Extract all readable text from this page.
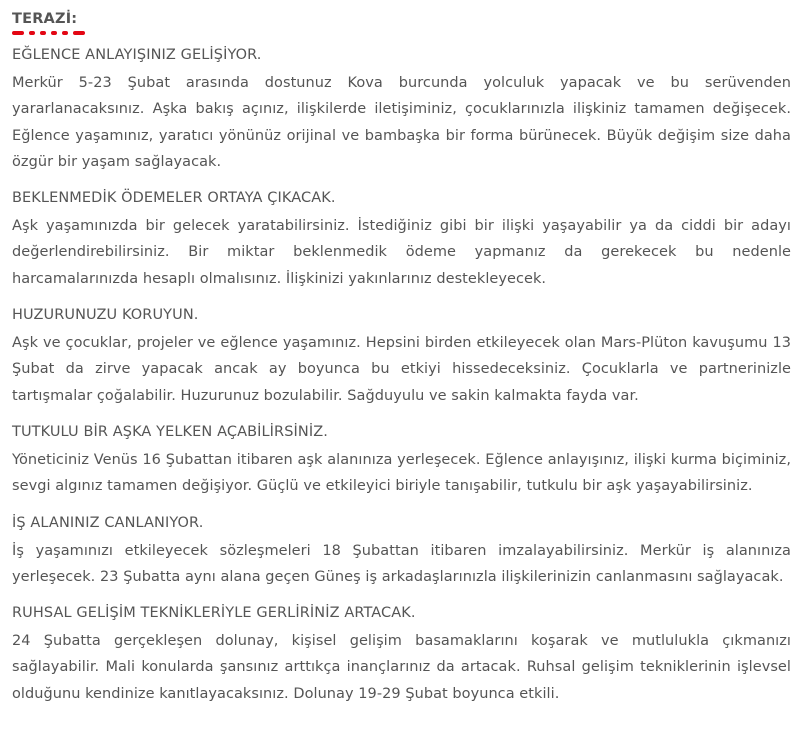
TERAZİ:

EĞLENCE ANLAYIŞINIZ GELİŞİYOR.

Merkür 5-23 Şubat arasında dostunuz Kova burcunda yolculuk yapacak ve bu serüvenden yararlanacaksınız. Aşka bakış açınız, ilişkilerde iletişiminiz, çocuklarınızla ilişkiniz tamamen değişecek. Eğlence yaşamınız, yaratıcı yönünüz orijinal ve bambaşka bir forma bürünecek. Büyük değişim size daha özgür bir yaşam sağlayacak.

BEKLENMEDİK ÖDEMELER ORTAYA ÇIKACAK.

Aşk yaşamınızda bir gelecek yaratabilirsiniz. İstediğiniz gibi bir ilişki yaşayabilir ya da ciddi bir adayı değerlendirebilirsiniz. Bir miktar beklenmedik ödeme yapmanız da gerekecek bu nedenle harcamalarınızda hesaplı olmalısınız. İlişkinizi yakınlarınız destekleyecek.

HUZURUNUZU KORUYUN.

Aşk ve çocuklar, projeler ve eğlence yaşamınız. Hepsini birden etkileyecek olan Mars-Plüton kavuşumu 13 Şubat da zirve yapacak ancak ay boyunca bu etkiyi hissedeceksiniz. Çocuklarla ve partnerinizle tartışmalar çoğalabilir. Huzurunuz bozulabilir. Sağduyulu ve sakin kalmakta fayda var.

TUTKULU BİR AŞKA YELKEN AÇABİLİRSİNİZ.

Yöneticiniz Venüs 16 Şubattan itibaren aşk alanınıza yerleşecek. Eğlence anlayışınız, ilişki kurma biçiminiz, sevgi algınız tamamen değişiyor. Güçlü ve etkileyici biriyle tanışabilir, tutkulu bir aşk yaşayabilirsiniz.

İŞ ALANINIZ CANLANIYOR.

İş yaşamınızı etkileyecek sözleşmeleri 18 Şubattan itibaren imzalayabilirsiniz. Merkür iş alanınıza yerleşecek. 23 Şubatta aynı alana geçen Güneş iş arkadaşlarınızla ilişkilerinizin canlanmasını sağlayacak.

RUHSAL GELİŞİM TEKNİKLERİYLE GERLİRİNİZ ARTACAK.

24 Şubatta gerçekleşen dolunay, kişisel gelişim basamaklarını koşarak ve mutlulukla çıkmanızı sağlayabilir. Mali konularda şansınız arttıkça inançlarınız da artacak. Ruhsal gelişim tekniklerinin işlevsel olduğunu kendinize kanıtlayacaksınız. Dolunay 19-29 Şubat boyunca etkili.
